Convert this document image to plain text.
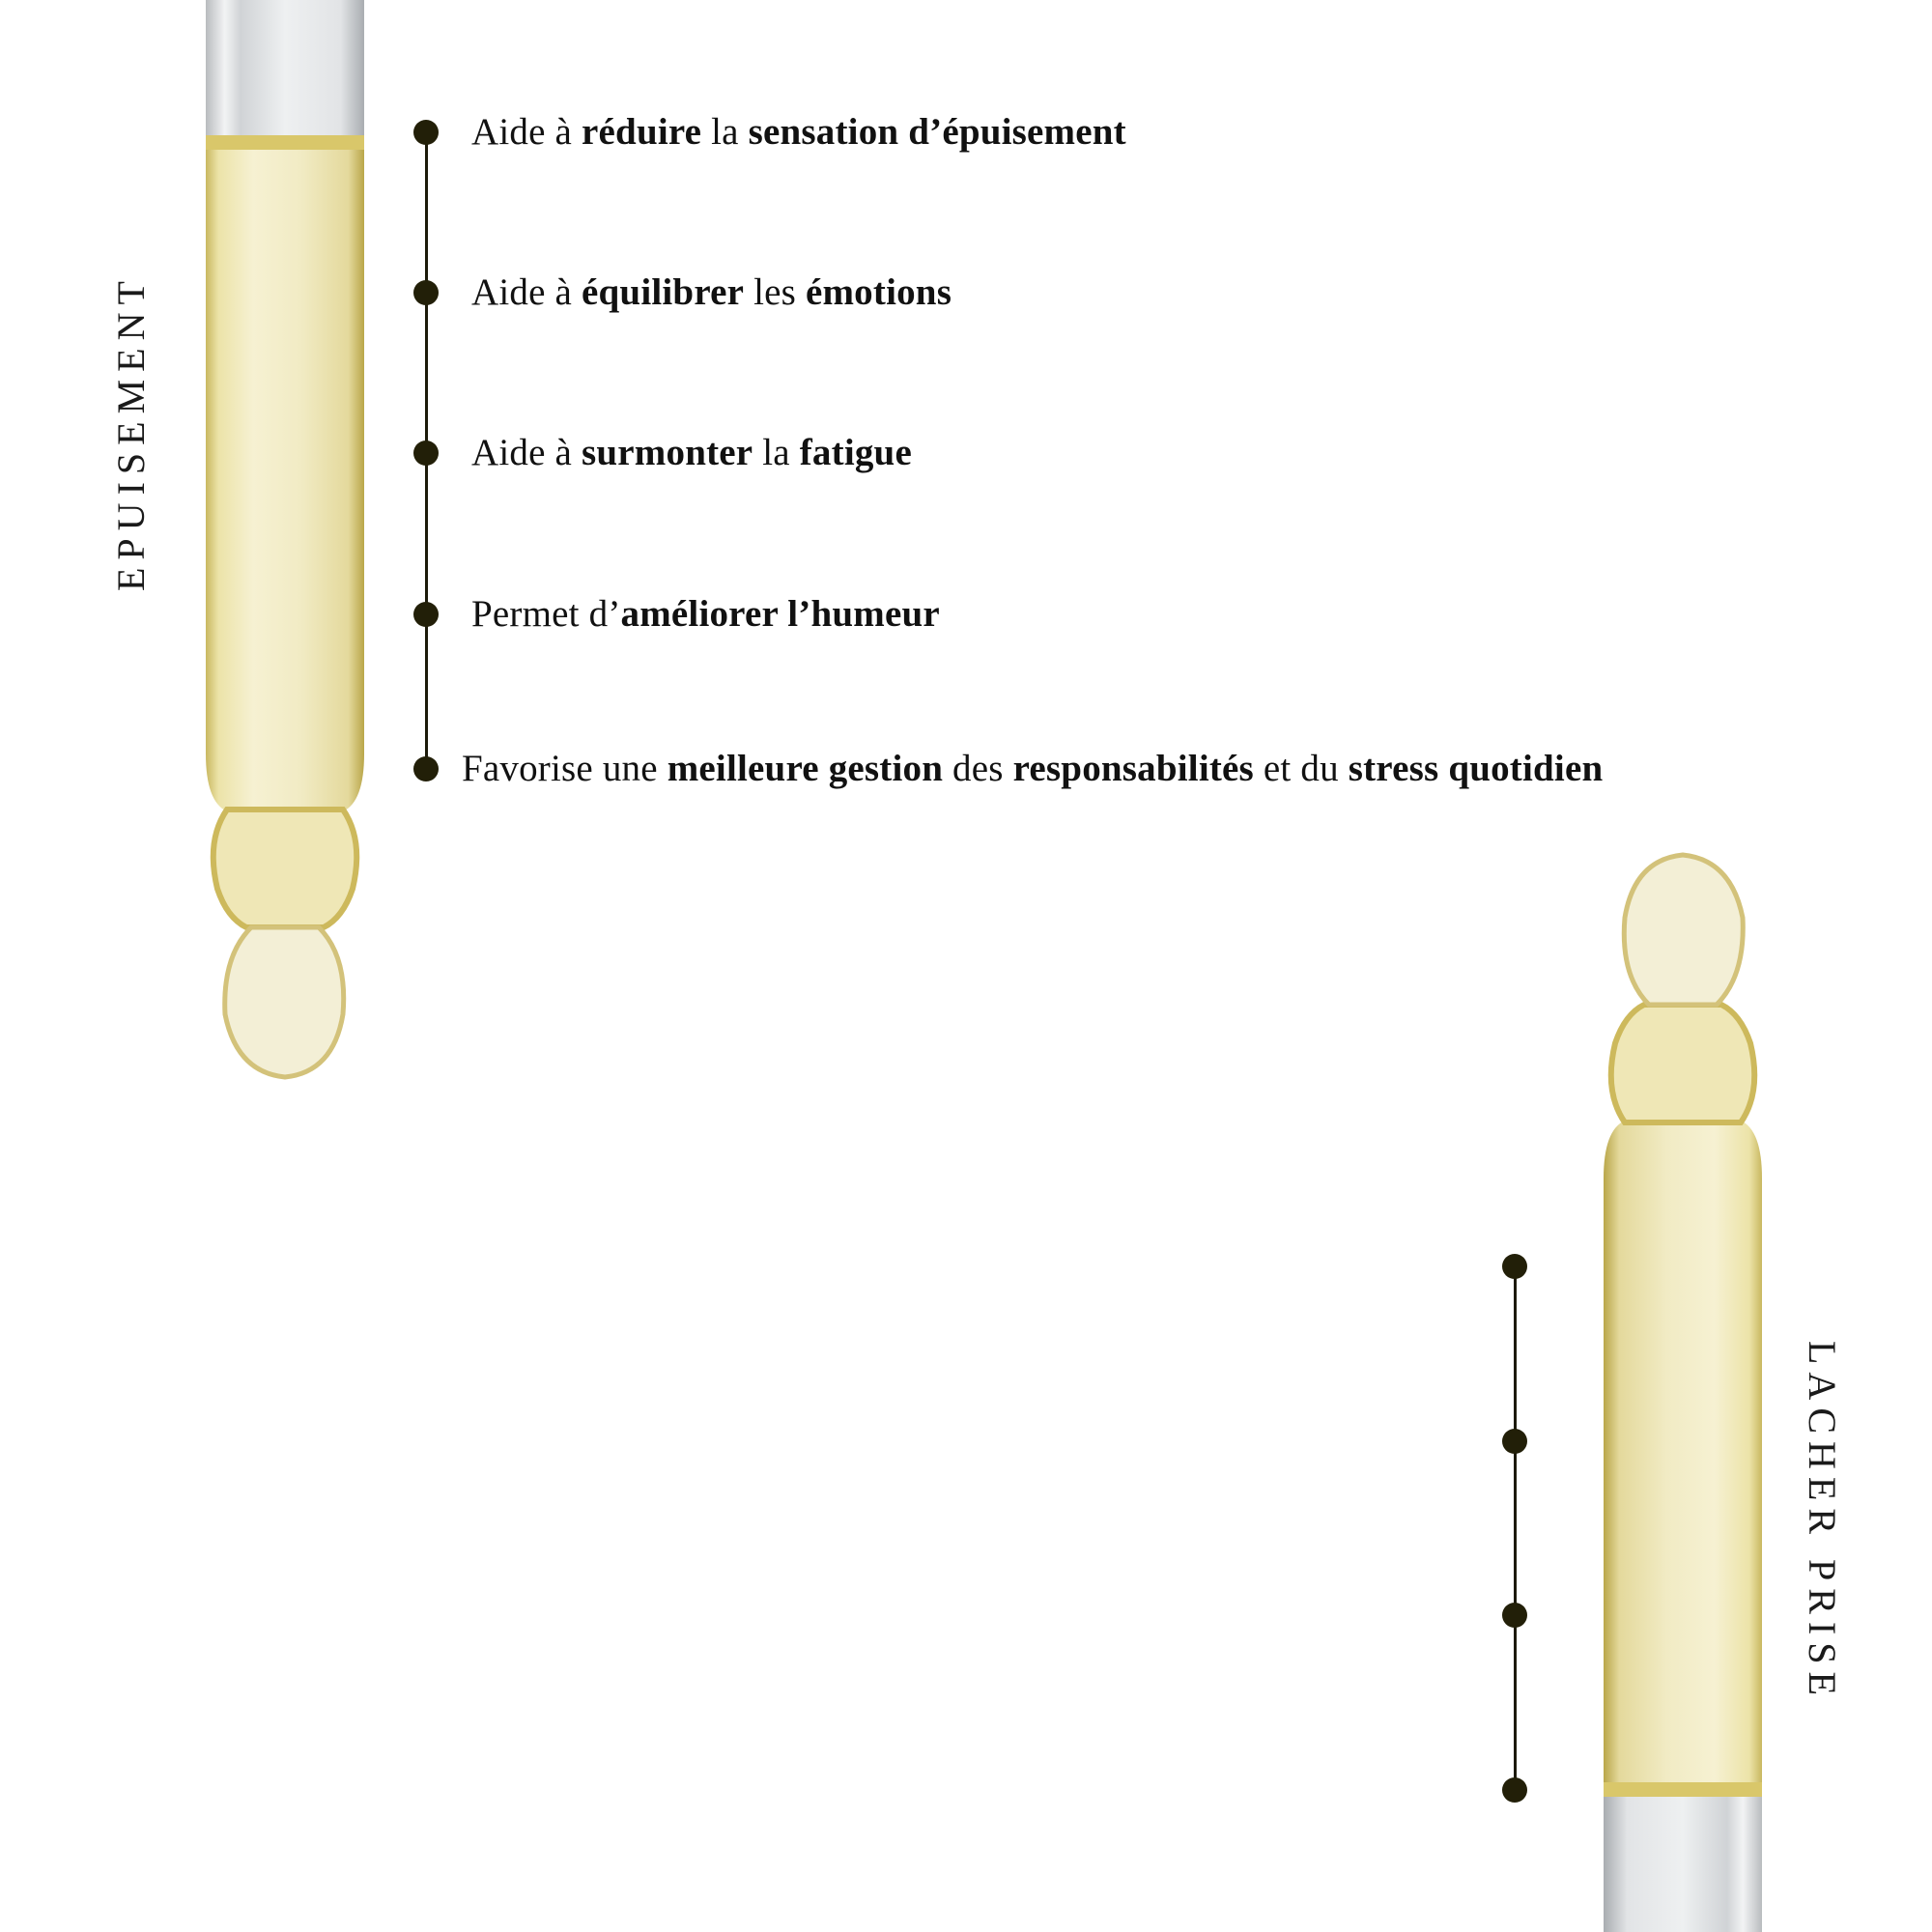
EPUISEMENT
Aide à réduire la sensation d’épuisement
Aide à équilibrer les émotions
Aide à surmonter la fatigue
Permet d’améliorer l’humeur
Favorise une meilleure gestion des responsabilités et du stress quotidien
LACHER PRISE
